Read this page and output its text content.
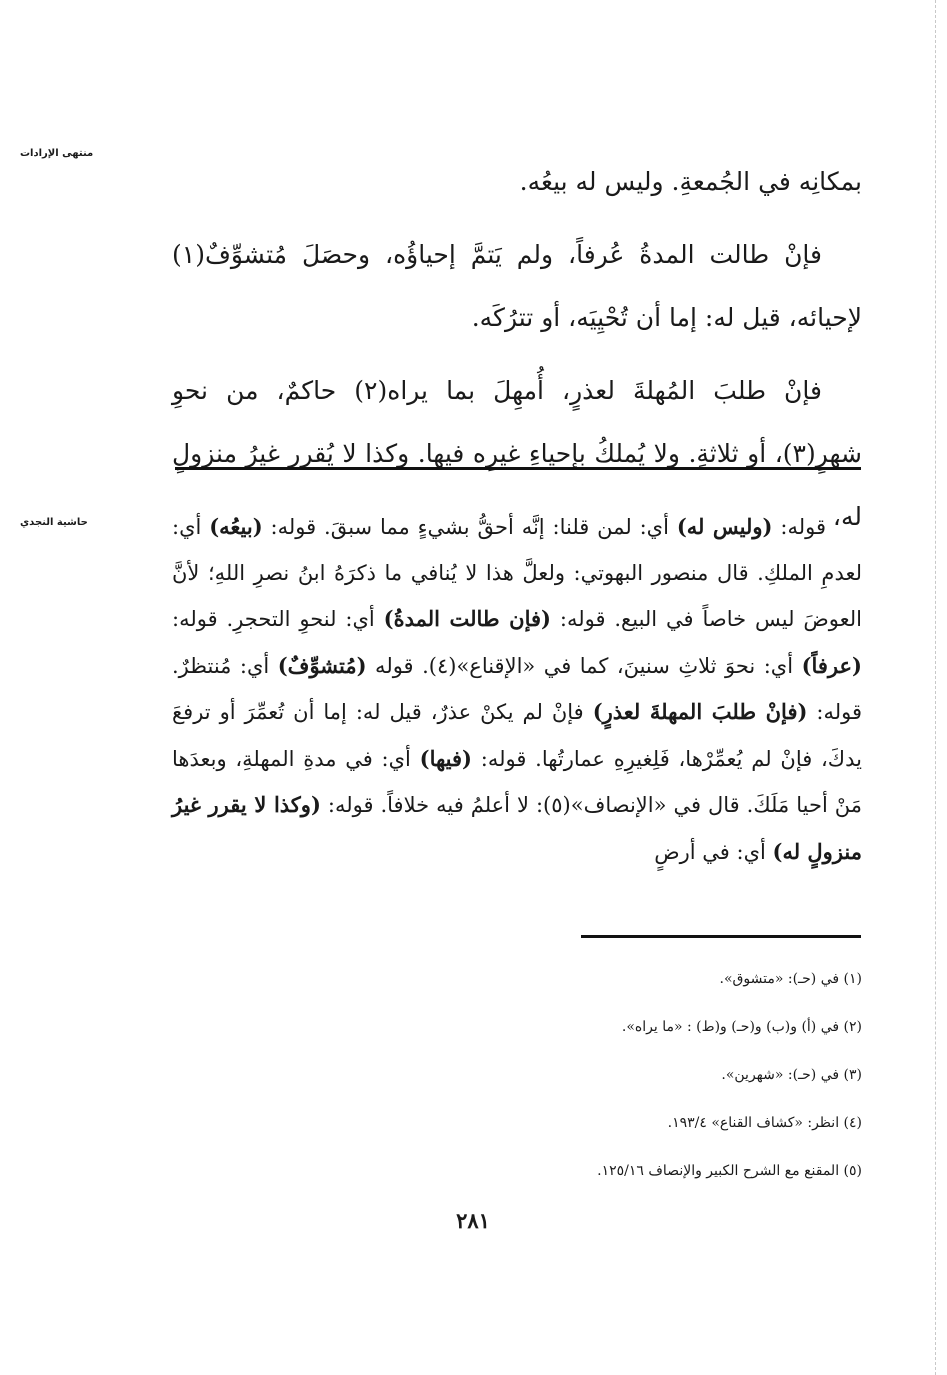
منتهى الإرادات
حاشية النجدي

بمكانِه في الجُمعةِ. وليس له بيعُه.

فإنْ طالت المدةُ عُرفاً، ولم يَتمَّ إحياؤُه، وحصَلَ مُتشوِّفٌ(١) لإحيائه، قيل له: إما أن تُحْيِيَه، أو تترُكَه.

فإنْ طلبَ المُهلةَ لعذرٍ، أُمهِلَ بما يراه(٢) حاكمٌ، من نحوِ شهرٍ(٣)، أو ثلاثةٍ. ولا يُملكُ بإحياءِ غيرِه فيها. وكذا لا يُقرر غيرُ منزولٍ له،

قوله: (وليس له) أي: لمن قلنا: إنَّه أحقُّ بشيءٍ مما سبقَ. قوله: (بيعُه) أي: لعدمِ الملكِ. قال منصور البهوتي: ولعلَّ هذا لا يُنافي ما ذكرَهُ ابنُ نصرِ اللهِ؛ لأنَّ العوضَ ليس خاصاً في البيع. قوله: (فإن طالت المدةُ) أي: لنحوِ التحجرِ. قوله: (عرفاً) أي: نحوَ ثلاثِ سنينَ، كما في «الإقناع»(٤). قوله (مُتشوِّفٌ) أي: مُنتظرٌ. قوله: (فإنْ طلبَ المهلةَ لعذرٍ) فإنْ لم يكنْ عذرٌ، قيل له: إما أن تُعمِّرَ أو ترفعَ يدكَ، فإنْ لم يُعمِّرْها، فَلِغيرِهِ عمارتُها. قوله: (فيها) أي: في مدةِ المهلةِ، وبعدَها مَنْ أحيا مَلَكَ. قال في «الإنصاف»(٥): لا أعلمُ فيه خلافاً. قوله: (وكذا لا يقرر غيرُ منزولٍ له) أي: في أرضٍ

(١) في (حـ): «متشوق».

(٢) في (أ) و(ب) و(حـ) و(ط) : «ما يراه».

(٣) في (حـ): «شهرين».

(٤) انظر: «كشاف القناع» ١٩٣/٤.

(٥) المقنع مع الشرح الكبير والإنصاف ١٢٥/١٦.

٢٨١
